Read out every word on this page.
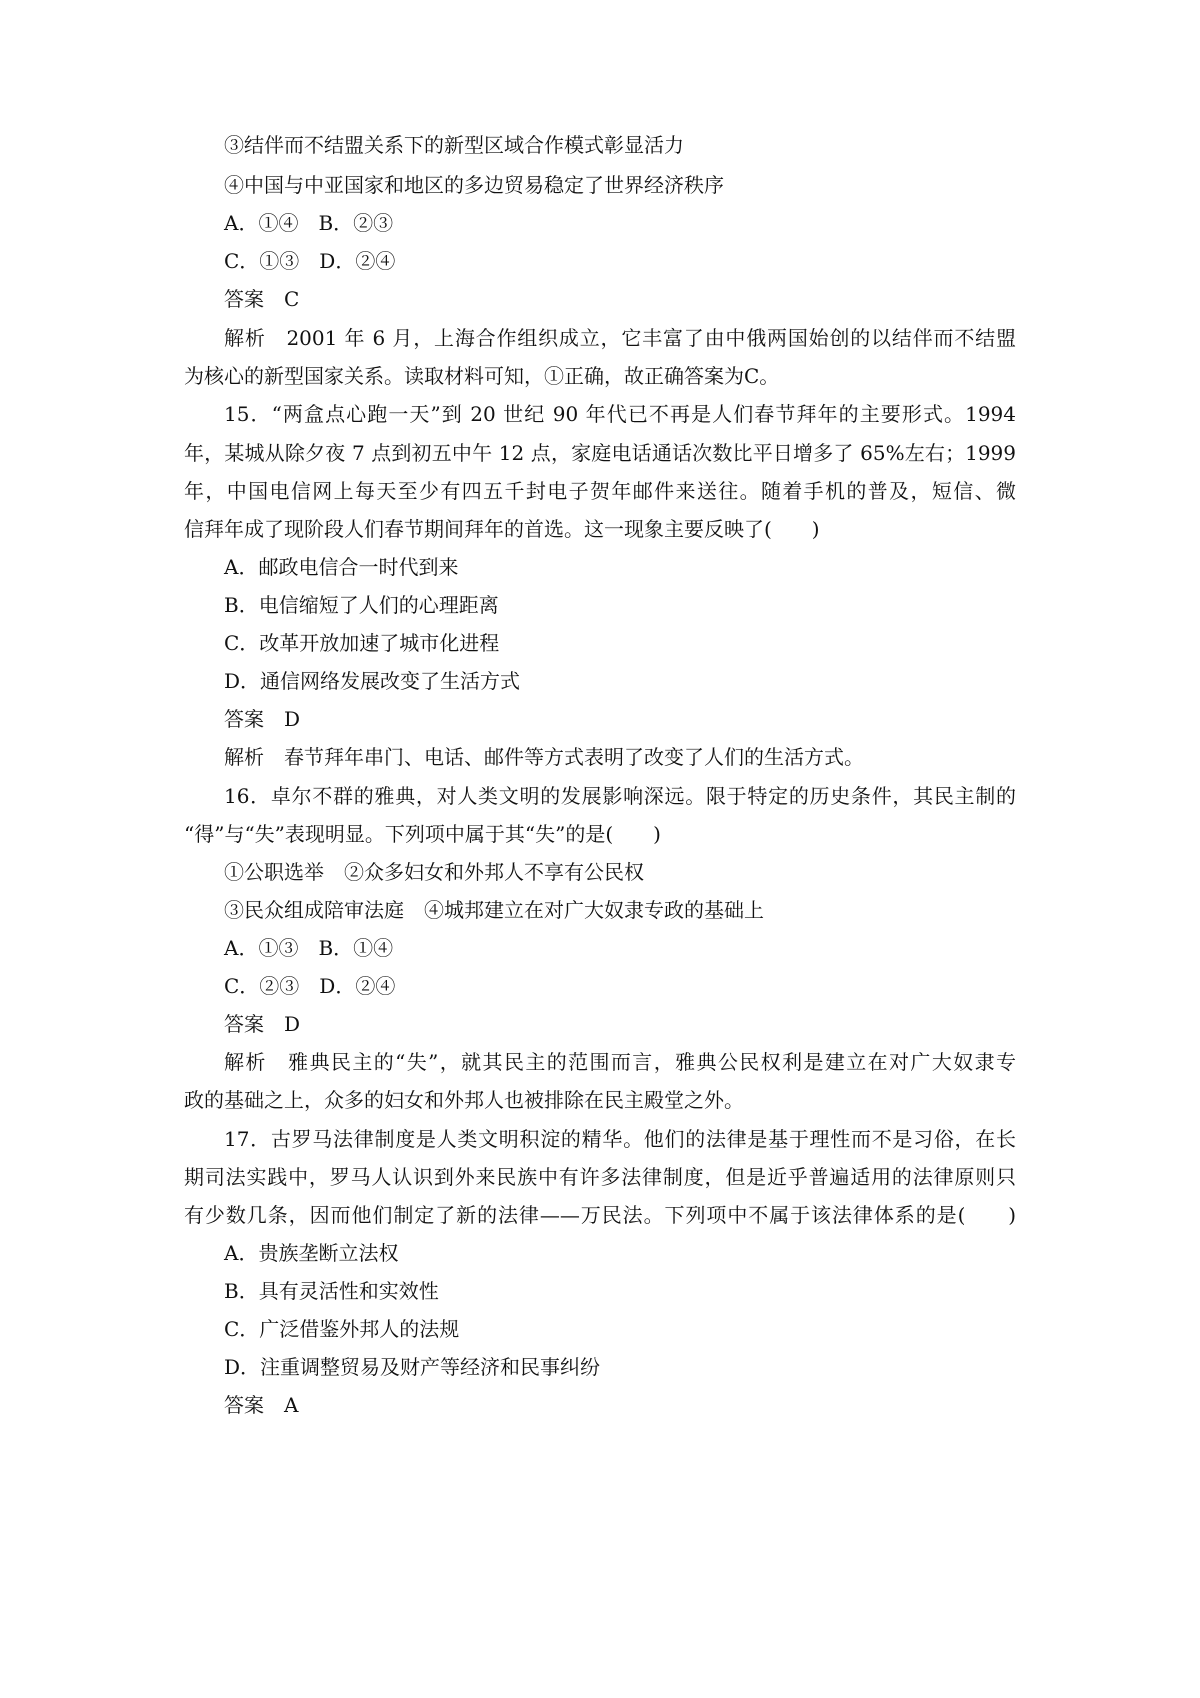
③结伴而不结盟关系下的新型区域合作模式彰显活力
④中国与中亚国家和地区的多边贸易稳定了世界经济秩序
A．①④　B．②③
C．①③　D．②④
答案　C
解析　2001 年 6 月，上海合作组织成立，它丰富了由中俄两国始创的以结伴而不结盟
为核心的新型国家关系。读取材料可知，①正确，故正确答案为C。
15．“两盒点心跑一天”到 20 世纪 90 年代已不再是人们春节拜年的主要形式。1994
年，某城从除夕夜 7 点到初五中午 12 点，家庭电话通话次数比平日增多了 65%左右；1999
年，中国电信网上每天至少有四五千封电子贺年邮件来送往。随着手机的普及，短信、微
信拜年成了现阶段人们春节期间拜年的首选。这一现象主要反映了(　　)
A．邮政电信合一时代到来
B．电信缩短了人们的心理距离
C．改革开放加速了城市化进程
D．通信网络发展改变了生活方式
答案　D
解析　春节拜年串门、电话、邮件等方式表明了改变了人们的生活方式。
16．卓尔不群的雅典，对人类文明的发展影响深远。限于特定的历史条件，其民主制的
“得”与“失”表现明显。下列项中属于其“失”的是(　　)
①公职选举　②众多妇女和外邦人不享有公民权
③民众组成陪审法庭　④城邦建立在对广大奴隶专政的基础上
A．①③　B．①④
C．②③　D．②④
答案　D
解析　雅典民主的“失”，就其民主的范围而言，雅典公民权利是建立在对广大奴隶专
政的基础之上，众多的妇女和外邦人也被排除在民主殿堂之外。
17．古罗马法律制度是人类文明积淀的精华。他们的法律是基于理性而不是习俗，在长
期司法实践中，罗马人认识到外来民族中有许多法律制度，但是近乎普遍适用的法律原则只
有少数几条，因而他们制定了新的法律——万民法。下列项中不属于该法律体系的是(　　)
A．贵族垄断立法权
B．具有灵活性和实效性
C．广泛借鉴外邦人的法规
D．注重调整贸易及财产等经济和民事纠纷
答案　A
